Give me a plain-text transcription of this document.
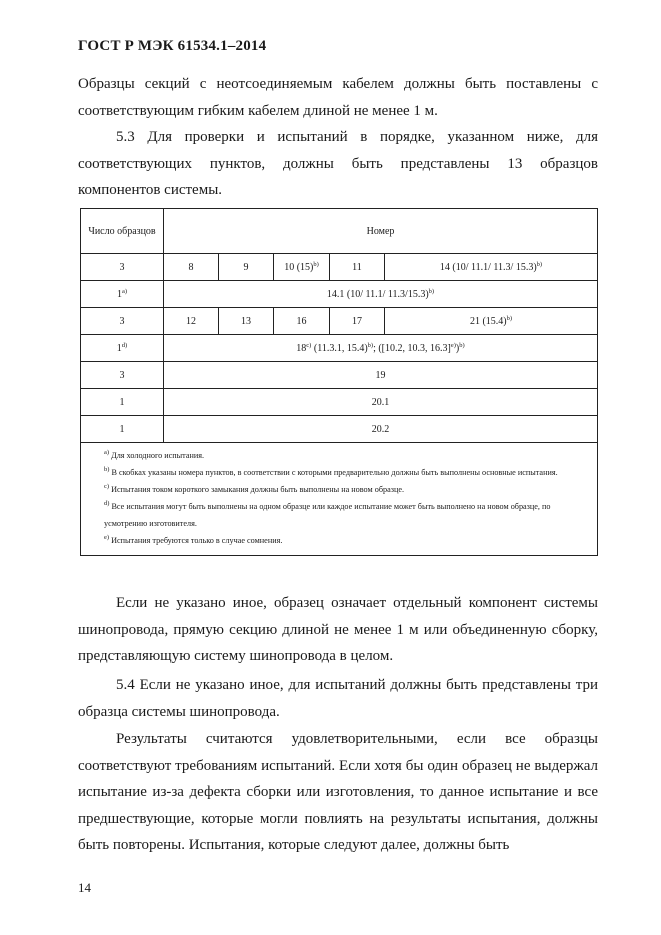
ГОСТ Р МЭК 61534.1–2014
Образцы секций с неотсоединяемым кабелем должны быть поставлены с соответствующим гибким кабелем длиной не менее 1 м.
5.3 Для проверки и испытаний в порядке, указанном ниже, для соответствующих пунктов, должны быть представлены 13 образцов компонентов системы.
Число образцов	Номер				
3	8	9	10 $(15)^{b)}$	11	14 (10/ 11.1/ 11.3/ 15.3)$^{b)}$
1$^{a)}$	14.1 (10/ 11.1/ 11.3/15.3)$^{b)}$
3	12	13	16	17	21 $(15.4)^{b)}$
1$^{d)}$	18$^{c)}$ (11.3.1, 15.4)$^{b)}$; ([10.2, 10.3, 16.3]$^{e)}$)$^{b)}$
3	19				
1	20.1				
1	20.2				

$^{a)}$ Для холодного испытания.
$^{b)}$ В скобках указаны номера пунктов, в соответствии с которыми предварительно должны быть выполнены основные испытания.
$^{c)}$ Испытания током короткого замыкания должны быть выполнены на новом образце.
$^{d)}$ Все испытания могут быть выполнены на одном образце или каждое испытание может быть выполнено на новом образце, по усмотрению изготовителя.
$^{e)}$ Испытания требуются только в случае сомнения.					
Если не указано иное, образец означает отдельный компонент системы шинопровода, прямую секцию длиной не менее 1 м или объединенную сборку, представляющую систему шинопровода в целом.
5.4 Если не указано иное, для испытаний должны быть представлены три образца системы шинопровода.
Результаты считаются удовлетворительными, если все образцы соответствуют требованиям испытаний. Если хотя бы один образец не выдержал испытание из-за дефекта сборки или изготовления, то данное испытание и все предшествующие, которые могли повлиять на результаты испытания, должны быть повторены. Испытания, которые следуют далее, должны быть
14
